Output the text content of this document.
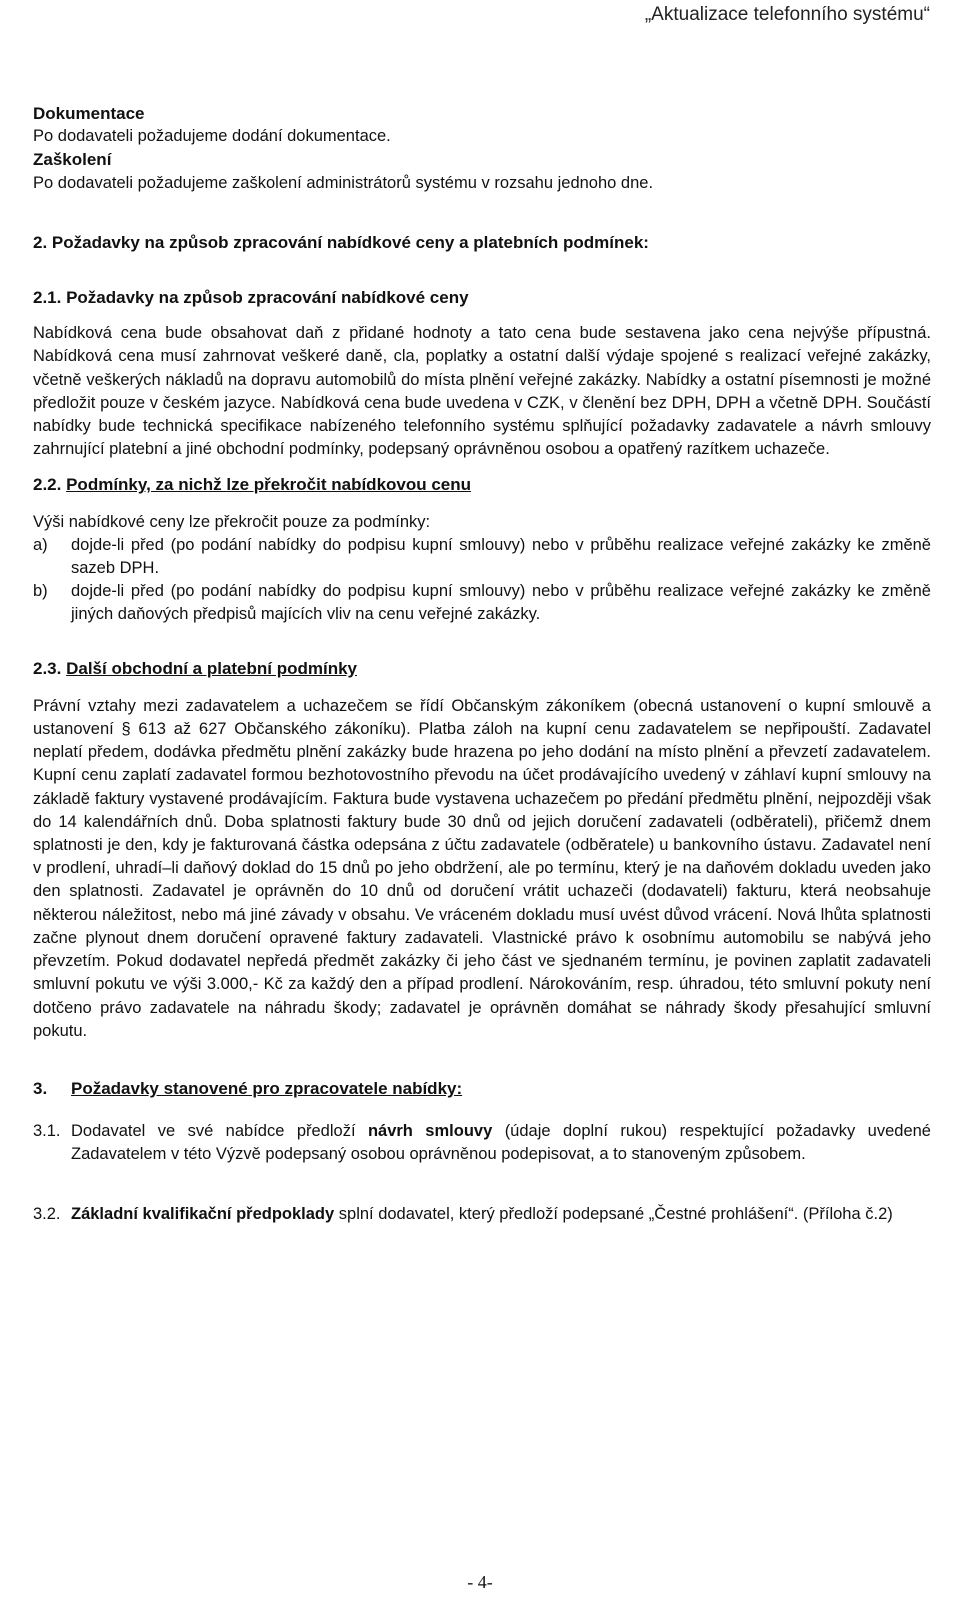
„Aktualizace telefonního systému“

Dokumentace

Po dodavateli požadujeme dodání dokumentace.

Zaškolení

Po dodavateli požadujeme zaškolení administrátorů systému v rozsahu jednoho dne.

2. Požadavky na způsob zpracování nabídkové ceny a platebních podmínek:

2.1. Požadavky na způsob zpracování nabídkové ceny

Nabídková cena bude obsahovat daň z přidané hodnoty a tato cena bude sestavena jako cena nejvýše přípustná. Nabídková cena musí zahrnovat veškeré daně, cla, poplatky a ostatní další výdaje spojené s realizací veřejné zakázky, včetně veškerých nákladů na dopravu automobilů do místa plnění veřejné zakázky. Nabídky a ostatní písemnosti je možné předložit pouze v českém jazyce. Nabídková cena bude uvedena v CZK, v členění bez DPH, DPH a včetně DPH. Součástí nabídky bude technická specifikace nabízeného telefonního systému splňující požadavky zadavatele a návrh smlouvy zahrnující platební a jiné obchodní podmínky, podepsaný oprávněnou osobou a opatřený razítkem uchazeče.

2.2. Podmínky, za nichž lze překročit nabídkovou cenu

Výši nabídkové ceny lze překročit pouze za podmínky:

a)	dojde-li před (po podání nabídky do podpisu kupní smlouvy) nebo v průběhu realizace veřejné zakázky ke změně sazeb DPH.
b)	dojde-li před (po podání nabídky do podpisu kupní smlouvy) nebo v průběhu realizace veřejné zakázky ke změně jiných daňových předpisů majících vliv na cenu veřejné zakázky.

2.3. Další obchodní a platební podmínky

Právní vztahy mezi zadavatelem a uchazečem se řídí Občanským zákoníkem (obecná ustanovení o kupní smlouvě a ustanovení § 613 až 627 Občanského zákoníku). Platba záloh na kupní cenu zadavatelem se nepřipouští. Zadavatel neplatí předem, dodávka předmětu plnění zakázky bude hrazena po jeho dodání na místo plnění a převzetí zadavatelem. Kupní cenu zaplatí zadavatel formou bezhotovostního převodu na účet prodávajícího uvedený v záhlaví kupní smlouvy na základě faktury vystavené prodávajícím. Faktura bude vystavena uchazečem po předání předmětu plnění, nejpozději však do 14 kalendářních dnů. Doba splatnosti faktury bude 30 dnů od jejich doručení zadavateli (odběrateli), přičemž dnem splatnosti je den, kdy je fakturovaná částka odepsána z účtu zadavatele (odběratele) u bankovního ústavu. Zadavatel není v prodlení, uhradí–li daňový doklad do 15 dnů po jeho obdržení, ale po termínu, který je na daňovém dokladu uveden jako den splatnosti. Zadavatel je oprávněn do 10 dnů od doručení vrátit uchazeči (dodavateli) fakturu, která neobsahuje některou náležitost, nebo má jiné závady v obsahu. Ve vráceném dokladu musí uvést důvod vrácení. Nová lhůta splatnosti začne plynout dnem doručení opravené faktury zadavateli. Vlastnické právo k osobnímu automobilu se nabývá jeho převzetím. Pokud dodavatel nepředá předmět zakázky či jeho část ve sjednaném termínu, je povinen zaplatit zadavateli smluvní pokutu ve výši 3.000,- Kč za každý den a případ prodlení. Nárokováním, resp. úhradou, této smluvní pokuty není dotčeno právo zadavatele na náhradu škody; zadavatel je oprávněn domáhat se náhrady škody přesahující smluvní pokutu.

3. Požadavky stanovené pro zpracovatele nabídky:

3.1. Dodavatel ve své nabídce předloží návrh smlouvy (údaje doplní rukou) respektující požadavky uvedené Zadavatelem v této Výzvě podepsaný osobou oprávněnou podepisovat, a to stanoveným způsobem.
3.2. Základní kvalifikační předpoklady splní dodavatel, který předloží podepsané „Čestné prohlášení“. (Příloha č.2)
- 4-
